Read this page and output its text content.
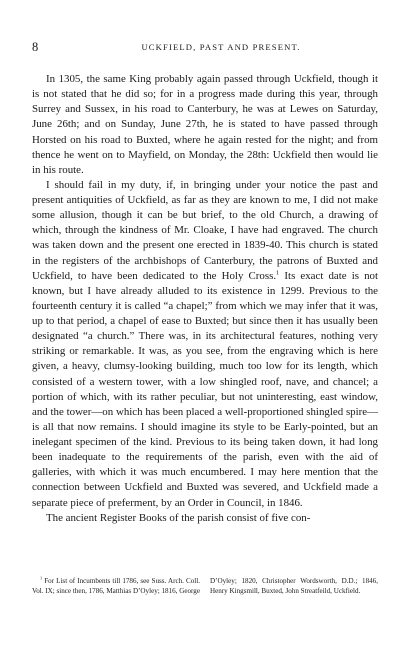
8	UCKFIELD, PAST AND PRESENT.

In 1305, the same King probably again passed through Uckfield, though it is not stated that he did so; for in a progress made during this year, through Surrey and Sussex, in his road to Canterbury, he was at Lewes on Saturday, June 26th; and on Sunday, June 27th, he is stated to have passed through Horsted on his road to Buxted, where he again rested for the night; and from thence he went on to Mayfield, on Monday, the 28th: Uckfield then would lie in his route.

I should fail in my duty, if, in bringing under your notice the past and present antiquities of Uckfield, as far as they are known to me, I did not make some allusion, though it can be but brief, to the old Church, a drawing of which, through the kindness of Mr. Cloake, I have had engraved. The church was taken down and the present one erected in 1839-40. This church is stated in the registers of the archbishops of Canterbury, the patrons of Buxted and Uckfield, to have been dedicated to the Holy Cross.$^1$ Its exact date is not known, but I have already alluded to its existence in 1299. Previous to the fourteenth century it is called “a chapel;” from which we may infer that it was, up to that period, a chapel of ease to Buxted; but since then it has usually been designated “a church.” There was, in its architectural features, nothing very striking or remarkable. It was, as you see, from the engraving which is here given, a heavy, clumsy-looking building, much too low for its length, which consisted of a western tower, with a low shingled roof, nave, and chancel; a portion of which, with its rather peculiar, but not uninteresting, east window, and the tower—on which has been placed a well-proportioned shingled spire—is all that now remains. I should imagine its style to be Early-pointed, but an inelegant specimen of the kind. Previous to its being taken down, it had long been inadequate to the requirements of the parish, even with the aid of galleries, with which it was much encumbered. I may here mention that the connection between Uckfield and Buxted was severed, and Uckfield made a separate piece of preferment, by an Order in Council, in 1846.

The ancient Register Books of the parish consist of five con-

$^1$ For List of Incumbents till 1786, see Suss. Arch. Coll. Vol. IX; since then, 1786, Matthias D’Oyley; 1816, George
D’Oyley; 1820, Christopher Wordsworth, D.D.; 1846, Henry Kingsmill, Buxted, John Streatfeild, Uckfield.
